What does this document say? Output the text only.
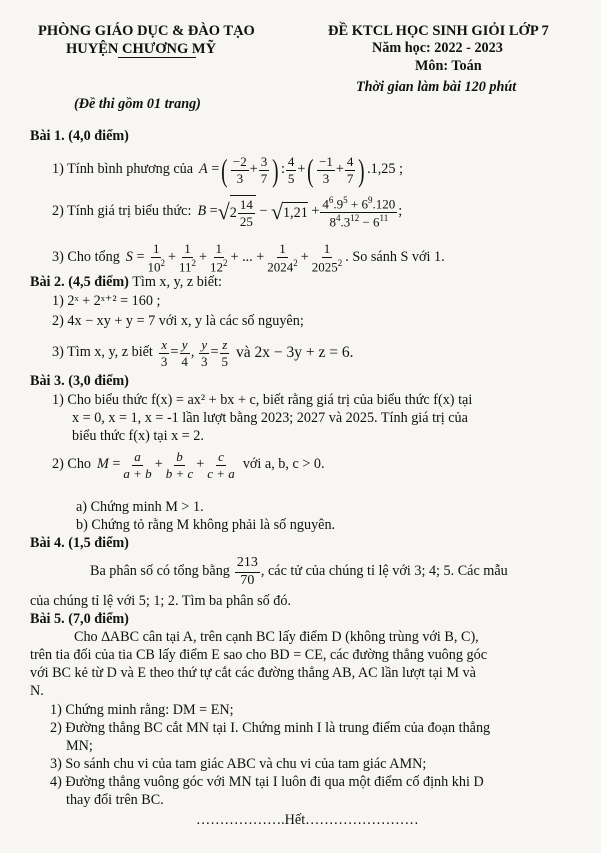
PHÒNG GIÁO DỤC & ĐÀO TẠO
HUYỆN CHƯƠNG MỸ
ĐỀ KTCL HỌC SINH GIỎI LỚP 7
Năm học: 2022 - 2023
Môn: Toán
Thời gian làm bài 120 phút
(Đề thi gồm 01 trang)
Bài 1. (4,0 điểm)
1) Tính bình phương của A = ( $\frac{-2}{3} + \frac{3}{7}$ ) : $\frac{4}{5}$ + ( $\frac{-1}{3} + \frac{4}{7}$ ) .1,25 ;
2) Tính giá trị biểu thức: B = √ $2 \frac{14}{25}$ − √ $1,21 + \frac{4^6.9^5 + 6^9.120}{8^4.3^{12} - 6^{11}}$ ;
3) Cho tổng $S = \frac{1}{10^2} + \frac{1}{11^2} + \frac{1}{12^2}$ + ... + $\frac{1}{2024^2} + \frac{1}{2025^2}$ . So sánh S với 1.
Bài 2. (4,5 điểm) Tìm x, y, z biết:
1) 2ˣ + 2ˣ⁺² = 160 ;
2) 4x − xy + y = 7 với x, y là các số nguyên;
3) Tìm x, y, z biết $\frac{x}{3} = \frac{y}{4}$ , $\frac{y}{3} = \frac{z}{5}$ và 2x − 3y + z = 6.
Bài 3. (3,0 điểm)
1) Cho biểu thức f(x) = ax² + bx + c, biết rằng giá trị của biểu thức f(x) tại
x = 0, x = 1, x = -1 lần lượt bằng 2023; 2027 và 2025. Tính giá trị của
biểu thức f(x) tại x = 2.
2) Cho $M = \frac{a}{a + b} + \frac{b}{b + c} + \frac{c}{c + a}$ với a, b, c > 0.
a) Chứng minh M > 1.
b) Chứng tỏ rằng M không phải là số nguyên.
Bài 4. (1,5 điểm)
Ba phân số có tổng bằng $\frac{213}{70}$ , các tử của chúng tỉ lệ với 3; 4; 5. Các mẫu
của chúng tỉ lệ với 5; 1; 2. Tìm ba phân số đó.
Bài 5. (7,0 điểm)
Cho ∆ABC cân tại A, trên cạnh BC lấy điểm D (không trùng với B, C),
trên tia đối của tia CB lấy điểm E sao cho BD = CE, các đường thẳng vuông góc
với BC kẻ từ D và E theo thứ tự cắt các đường thẳng AB, AC lần lượt tại M và
N.
1) Chứng minh rằng: DM = EN;
2) Đường thẳng BC cắt MN tại I. Chứng minh I là trung điểm của đoạn thẳng
MN;
3) So sánh chu vi của tam giác ABC và chu vi của tam giác AMN;
4) Đường thẳng vuông góc với MN tại I luôn đi qua một điểm cố định khi D
thay đổi trên BC.
……………….Hết……………………
